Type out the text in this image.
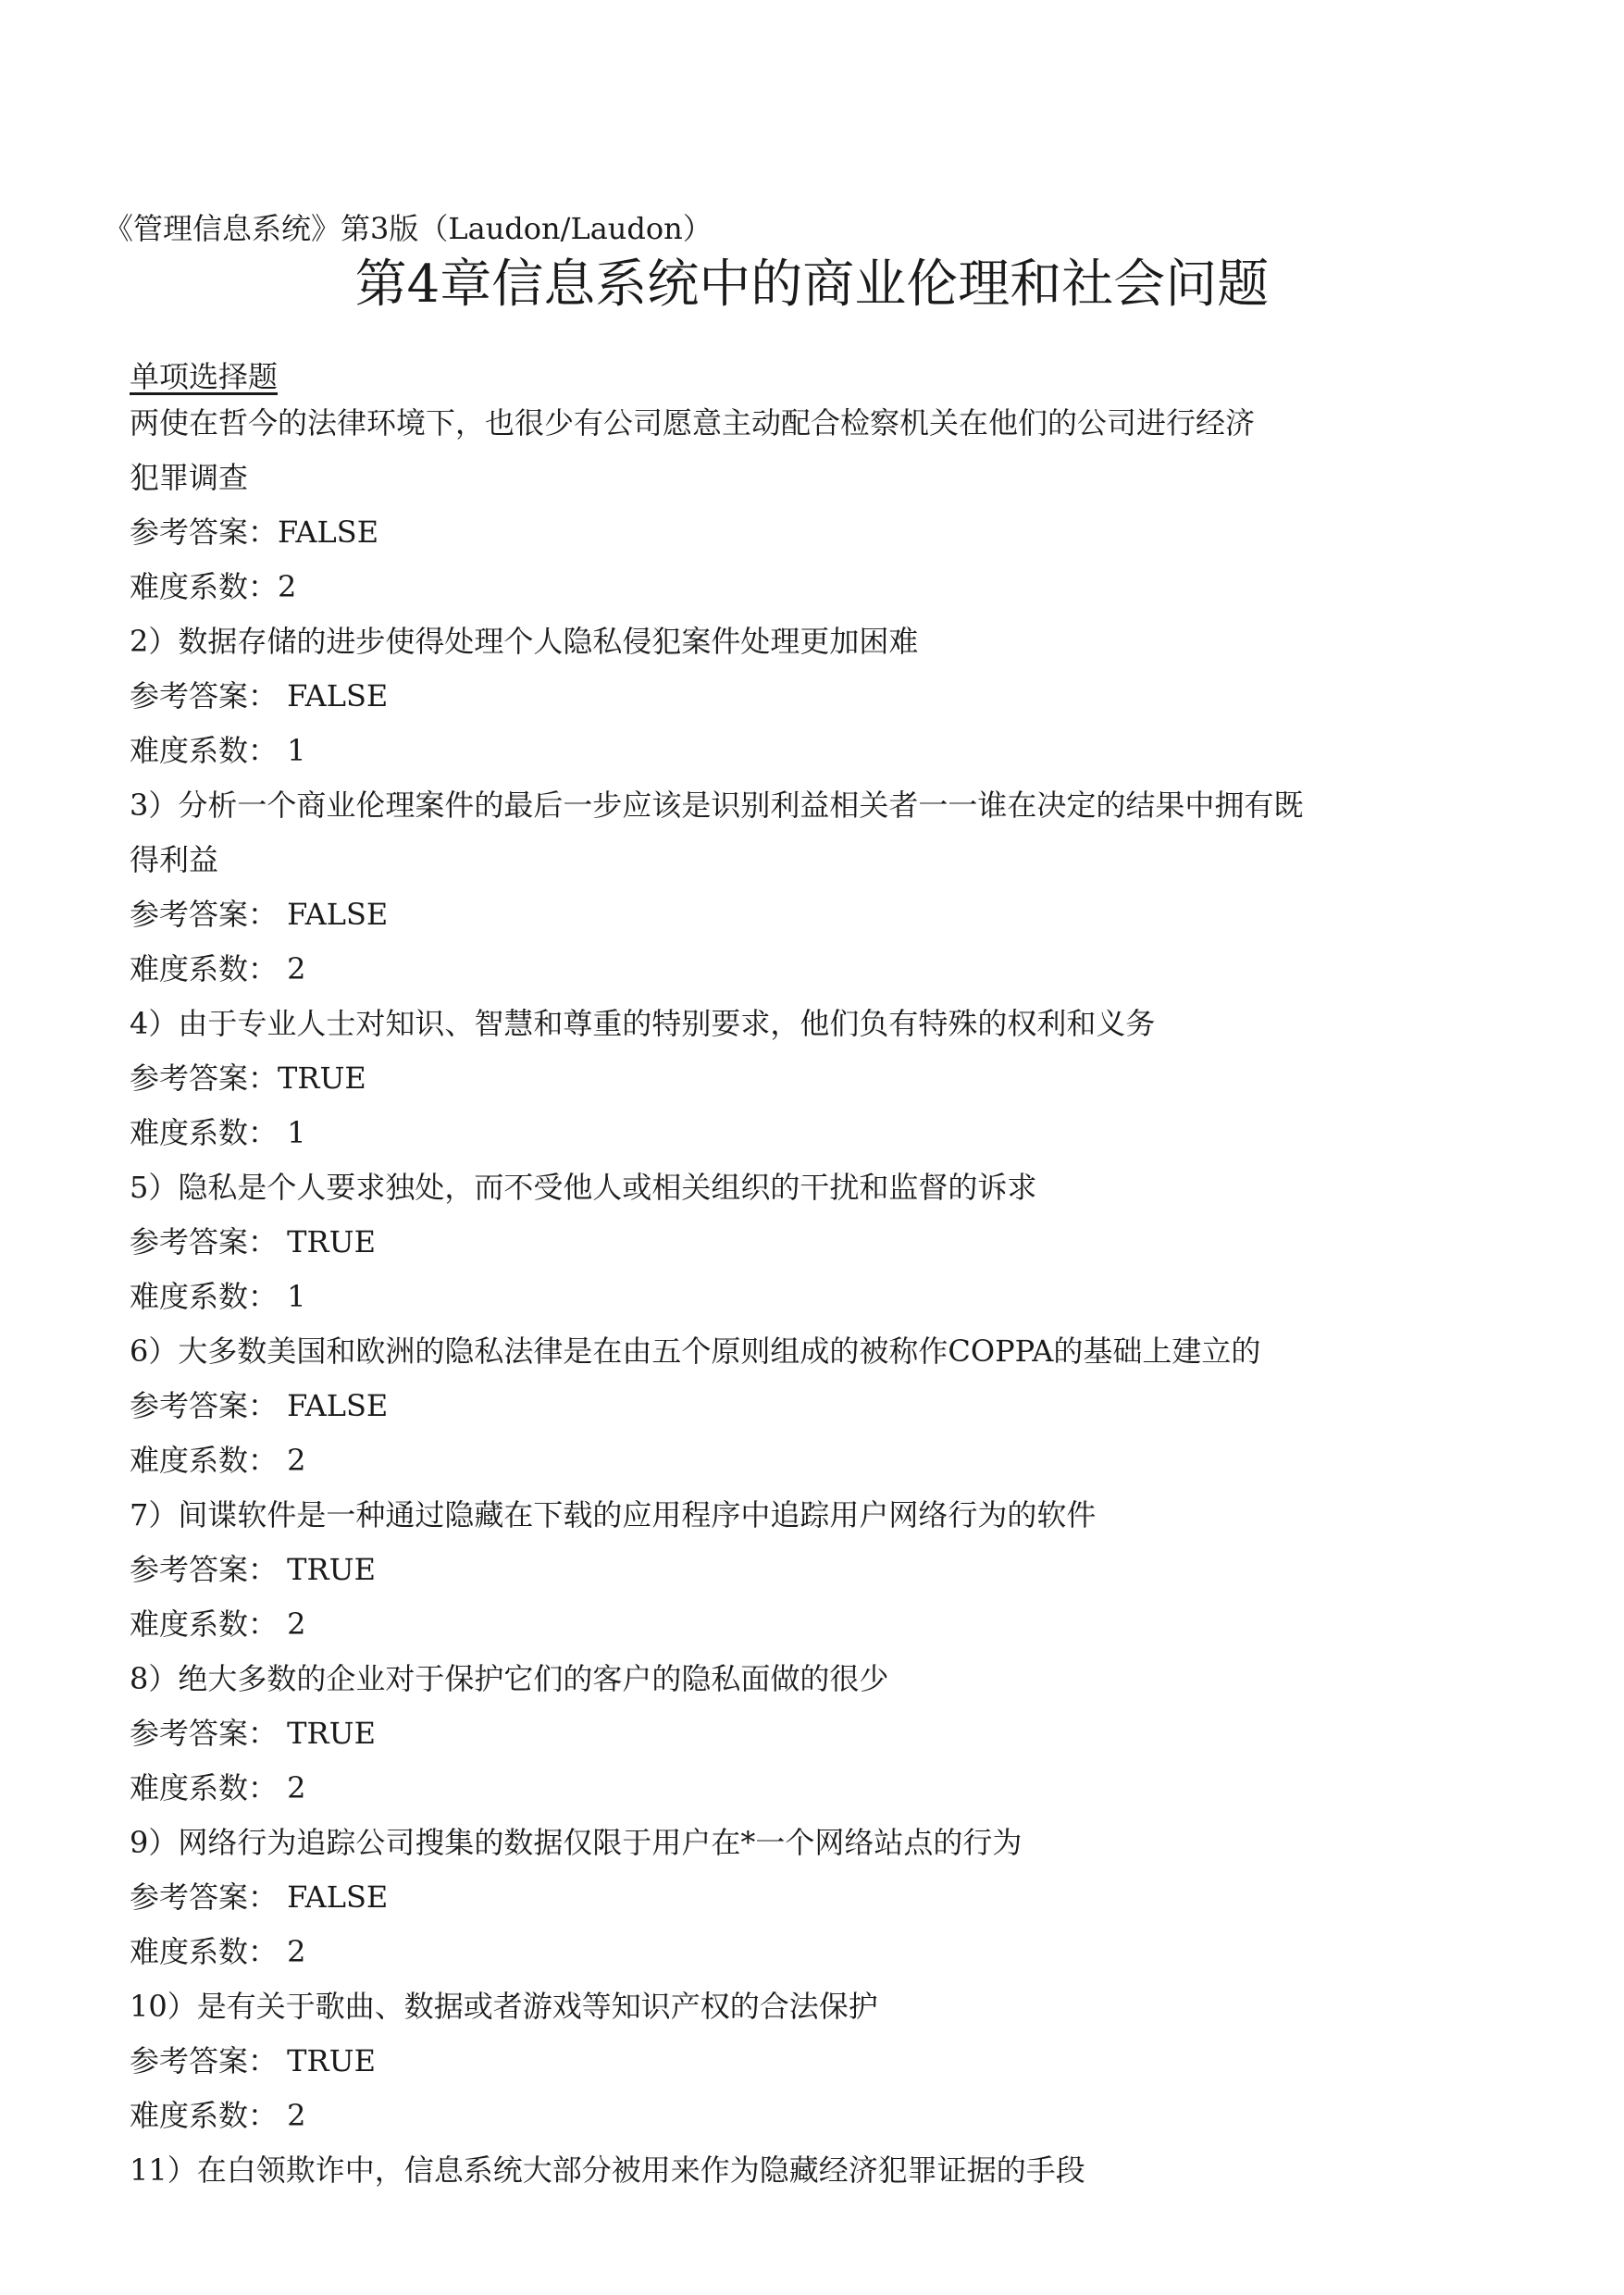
《管理信息系统》第3版（Laudon/Laudon）
第4章信息系统中的商业伦理和社会问题
单项选择题
两使在哲今的法律环境下，也很少有公司愿意主动配合检察机关在他们的公司进行经济
犯罪调查
参考答案：FALSE
难度系数：2
2）数据存储的进步使得处理个人隐私侵犯案件处理更加困难
参考答案： FALSE
难度系数： 1
3）分析一个商业伦理案件的最后一步应该是识别利益相关者一一谁在决定的结果中拥有既
得利益
参考答案： FALSE
难度系数： 2
4）由于专业人士对知识、智慧和尊重的特别要求，他们负有特殊的权利和义务
参考答案：TRUE
难度系数： 1
5）隐私是个人要求独处，而不受他人或相关组织的干扰和监督的诉求
参考答案： TRUE
难度系数： 1
6）大多数美国和欧洲的隐私法律是在由五个原则组成的被称作COPPA的基础上建立的
参考答案： FALSE
难度系数： 2
7）间谍软件是一种通过隐藏在下载的应用程序中追踪用户网络行为的软件
参考答案： TRUE
难度系数： 2
8）绝大多数的企业对于保护它们的客户的隐私面做的很少
参考答案： TRUE
难度系数： 2
9）网络行为追踪公司搜集的数据仅限于用户在*一个网络站点的行为
参考答案： FALSE
难度系数： 2
10）是有关于歌曲、数据或者游戏等知识产权的合法保护
参考答案： TRUE
难度系数： 2
11）在白领欺诈中，信息系统大部分被用来作为隐藏经济犯罪证据的手段
